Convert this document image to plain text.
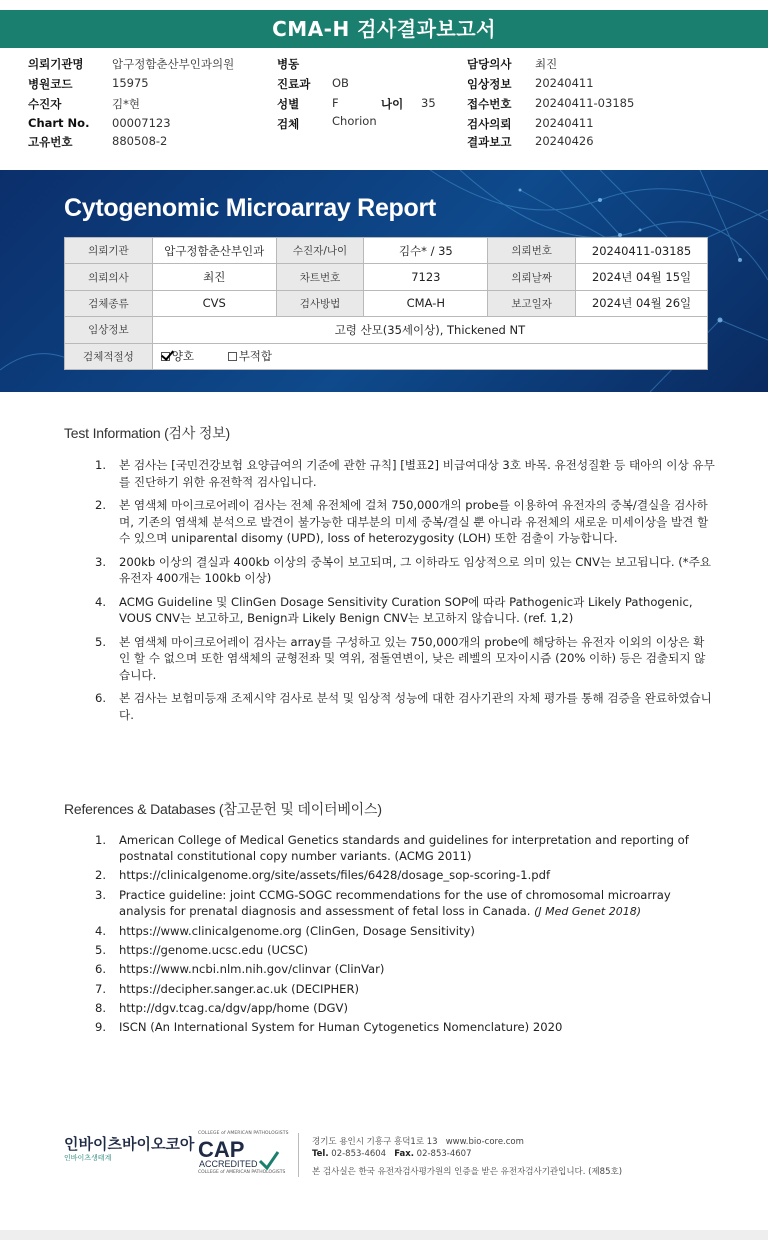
CMA-H 검사결과보고서
의뢰기관명 압구정함춘산부인과의원
병원코드	15975
수진자	김*현
Chart No. 00007123
고유번호	880508-2
병동
진료과 OB
성별	F	나이 35
검체	Chorion
담당의사 최진
임상정보 20240411
접수번호 20240411-03185
검사의뢰 20240411
결과보고 20240426
Cytogenomic Microarray Report
의뢰기관	압구정함춘산부인과	수진자/나이	김수* / 35	의뢰번호	20240411-03185
의뢰의사	최진	차트번호	7123	의뢰날짜	2024년 04월 15일
검체종류	CVS	검사방법	CMA-H	보고일자	2024년 04월 26일
임상정보	고령 산모(35세이상), Thickened NT				
검체적절성	양호 부적합				
Test Information (검사 정보)
1. 본 검사는 [국민건강보험 요양급여의 기준에 관한 규칙] [별표2] 비급여대상 3호 바목. 유전성질환 등 태아의 이상 유무를 진단하기 위한 유전학적 검사입니다.
2. 본 염색체 마이크로어레이 검사는 전체 유전체에 걸쳐 750,000개의 probe를 이용하여 유전자의 중복/결실을 검사하며, 기존의 염색체 분석으로 발견이 불가능한 대부분의 미세 중복/결실 뿐 아니라 유전체의 새로운 미세이상을 발견 할 수 있으며 uniparental disomy (UPD), loss of heterozygosity (LOH) 또한 검출이 가능합니다.
3. 200kb 이상의 결실과 400kb 이상의 중복이 보고되며, 그 이하라도 임상적으로 의미 있는 CNV는 보고됩니다. (*주요 유전자 400개는 100kb 이상)
4. ACMG Guideline 및 ClinGen Dosage Sensitivity Curation SOP에 따라 Pathogenic과 Likely Pathogenic, VOUS CNV는 보고하고, Benign과 Likely Benign CNV는 보고하지 않습니다. (ref. 1,2)
5. 본 염색체 마이크로어레이 검사는 array를 구성하고 있는 750,000개의 probe에 해당하는 유전자 이외의 이상은 확인 할 수 없으며 또한 염색체의 균형전좌 및 역위, 점돌연변이, 낮은 레벨의 모자이시즘 (20% 이하) 등은 검출되지 않습니다.
6. 본 검사는 보험미등재 조제시약 검사로 분석 및 임상적 성능에 대한 검사기관의 자체 평가를 통해 검증을 완료하였습니다.
References & Databases (참고문헌 및 데이터베이스)
1. American College of Medical Genetics standards and guidelines for interpretation and reporting of postnatal constitutional copy number variants. (ACMG 2011)
2. https://clinicalgenome.org/site/assets/files/6428/dosage_sop-scoring-1.pdf
3. Practice guideline: joint CCMG-SOGC recommendations for the use of chromosomal microarray analysis for prenatal diagnosis and assessment of fetal loss in Canada. (J Med Genet 2018)
4. https://www.clinicalgenome.org (ClinGen, Dosage Sensitivity)
5. https://genome.ucsc.edu (UCSC)
6. https://www.ncbi.nlm.nih.gov/clinvar (ClinVar)
7. https://decipher.sanger.ac.uk (DECIPHER)
8. http://dgv.tcag.ca/dgv/app/home (DGV)
9. ISCN (An International System for Human Cytogenetics Nomenclature) 2020
인바이츠바이오코아
인바이츠생태계
COLLEGE of AMERICAN PATHOLOGISTS
CAP
ACCREDITED
COLLEGE of AMERICAN PATHOLOGISTS
경기도 용인시 기흥구 흥덕1로 13 www.bio-core.com
Tel. 02-853-4604 Fax. 02-853-4607
본 검사실은 한국 유전자검사평가원의 인증을 받은 유전자검사기관입니다. (제85호)
